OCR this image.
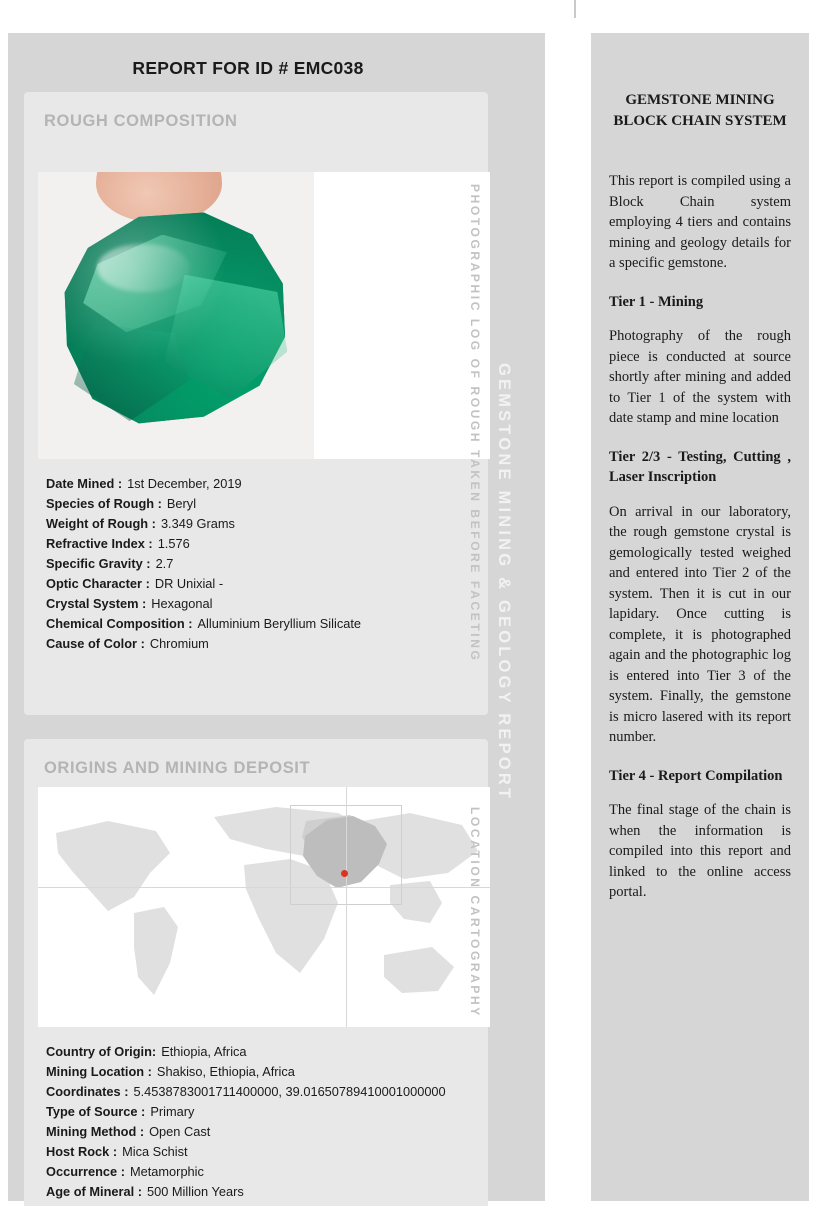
REPORT FOR ID # EMC038
GEMSTONE MINING & GEOLOGY REPORT
ROUGH COMPOSITION
PHOTOGRAPHIC LOG OF ROUGH TAKEN BEFORE FACETING
Date Mined : 1st December, 2019
Species of Rough : Beryl
Weight of Rough : 3.349 Grams
Refractive Index : 1.576
Specific Gravity : 2.7
Optic Character : DR Unixial -
Crystal System : Hexagonal
Chemical Composition : Alluminium Beryllium Silicate
Cause of Color : Chromium
ORIGINS AND MINING DEPOSIT
LOCATION CARTOGRAPHY
Country of Origin: Ethiopia, Africa
Mining Location : Shakiso, Ethiopia, Africa
Coordinates : 5.4538783001711400000, 39.01650789410001000000
Type of Source : Primary
Mining Method : Open Cast
Host Rock : Mica Schist
Occurrence : Metamorphic
Age of Mineral : 500 Million Years
GEMSTONE MINING BLOCK CHAIN SYSTEM

This report is compiled using a Block Chain system employing 4 tiers and contains mining and geology details for a specific gemstone.

Tier 1 - Mining

Photography of the rough piece is conducted at source shortly after mining and added to Tier 1 of the system with date stamp and mine location

Tier 2/3 - Testing, Cutting , Laser Inscription

On arrival in our laboratory, the rough gemstone crystal is gemologically tested weighed and entered into Tier 2 of the system. Then it is cut in our lapidary. Once cutting is complete, it is photographed again and the photographic log is entered into Tier 3 of the system. Finally, the gemstone is micro lasered with its report number.

Tier 4 - Report Compilation

The final stage of the chain is when the information is compiled into this report and linked to the online access portal.
